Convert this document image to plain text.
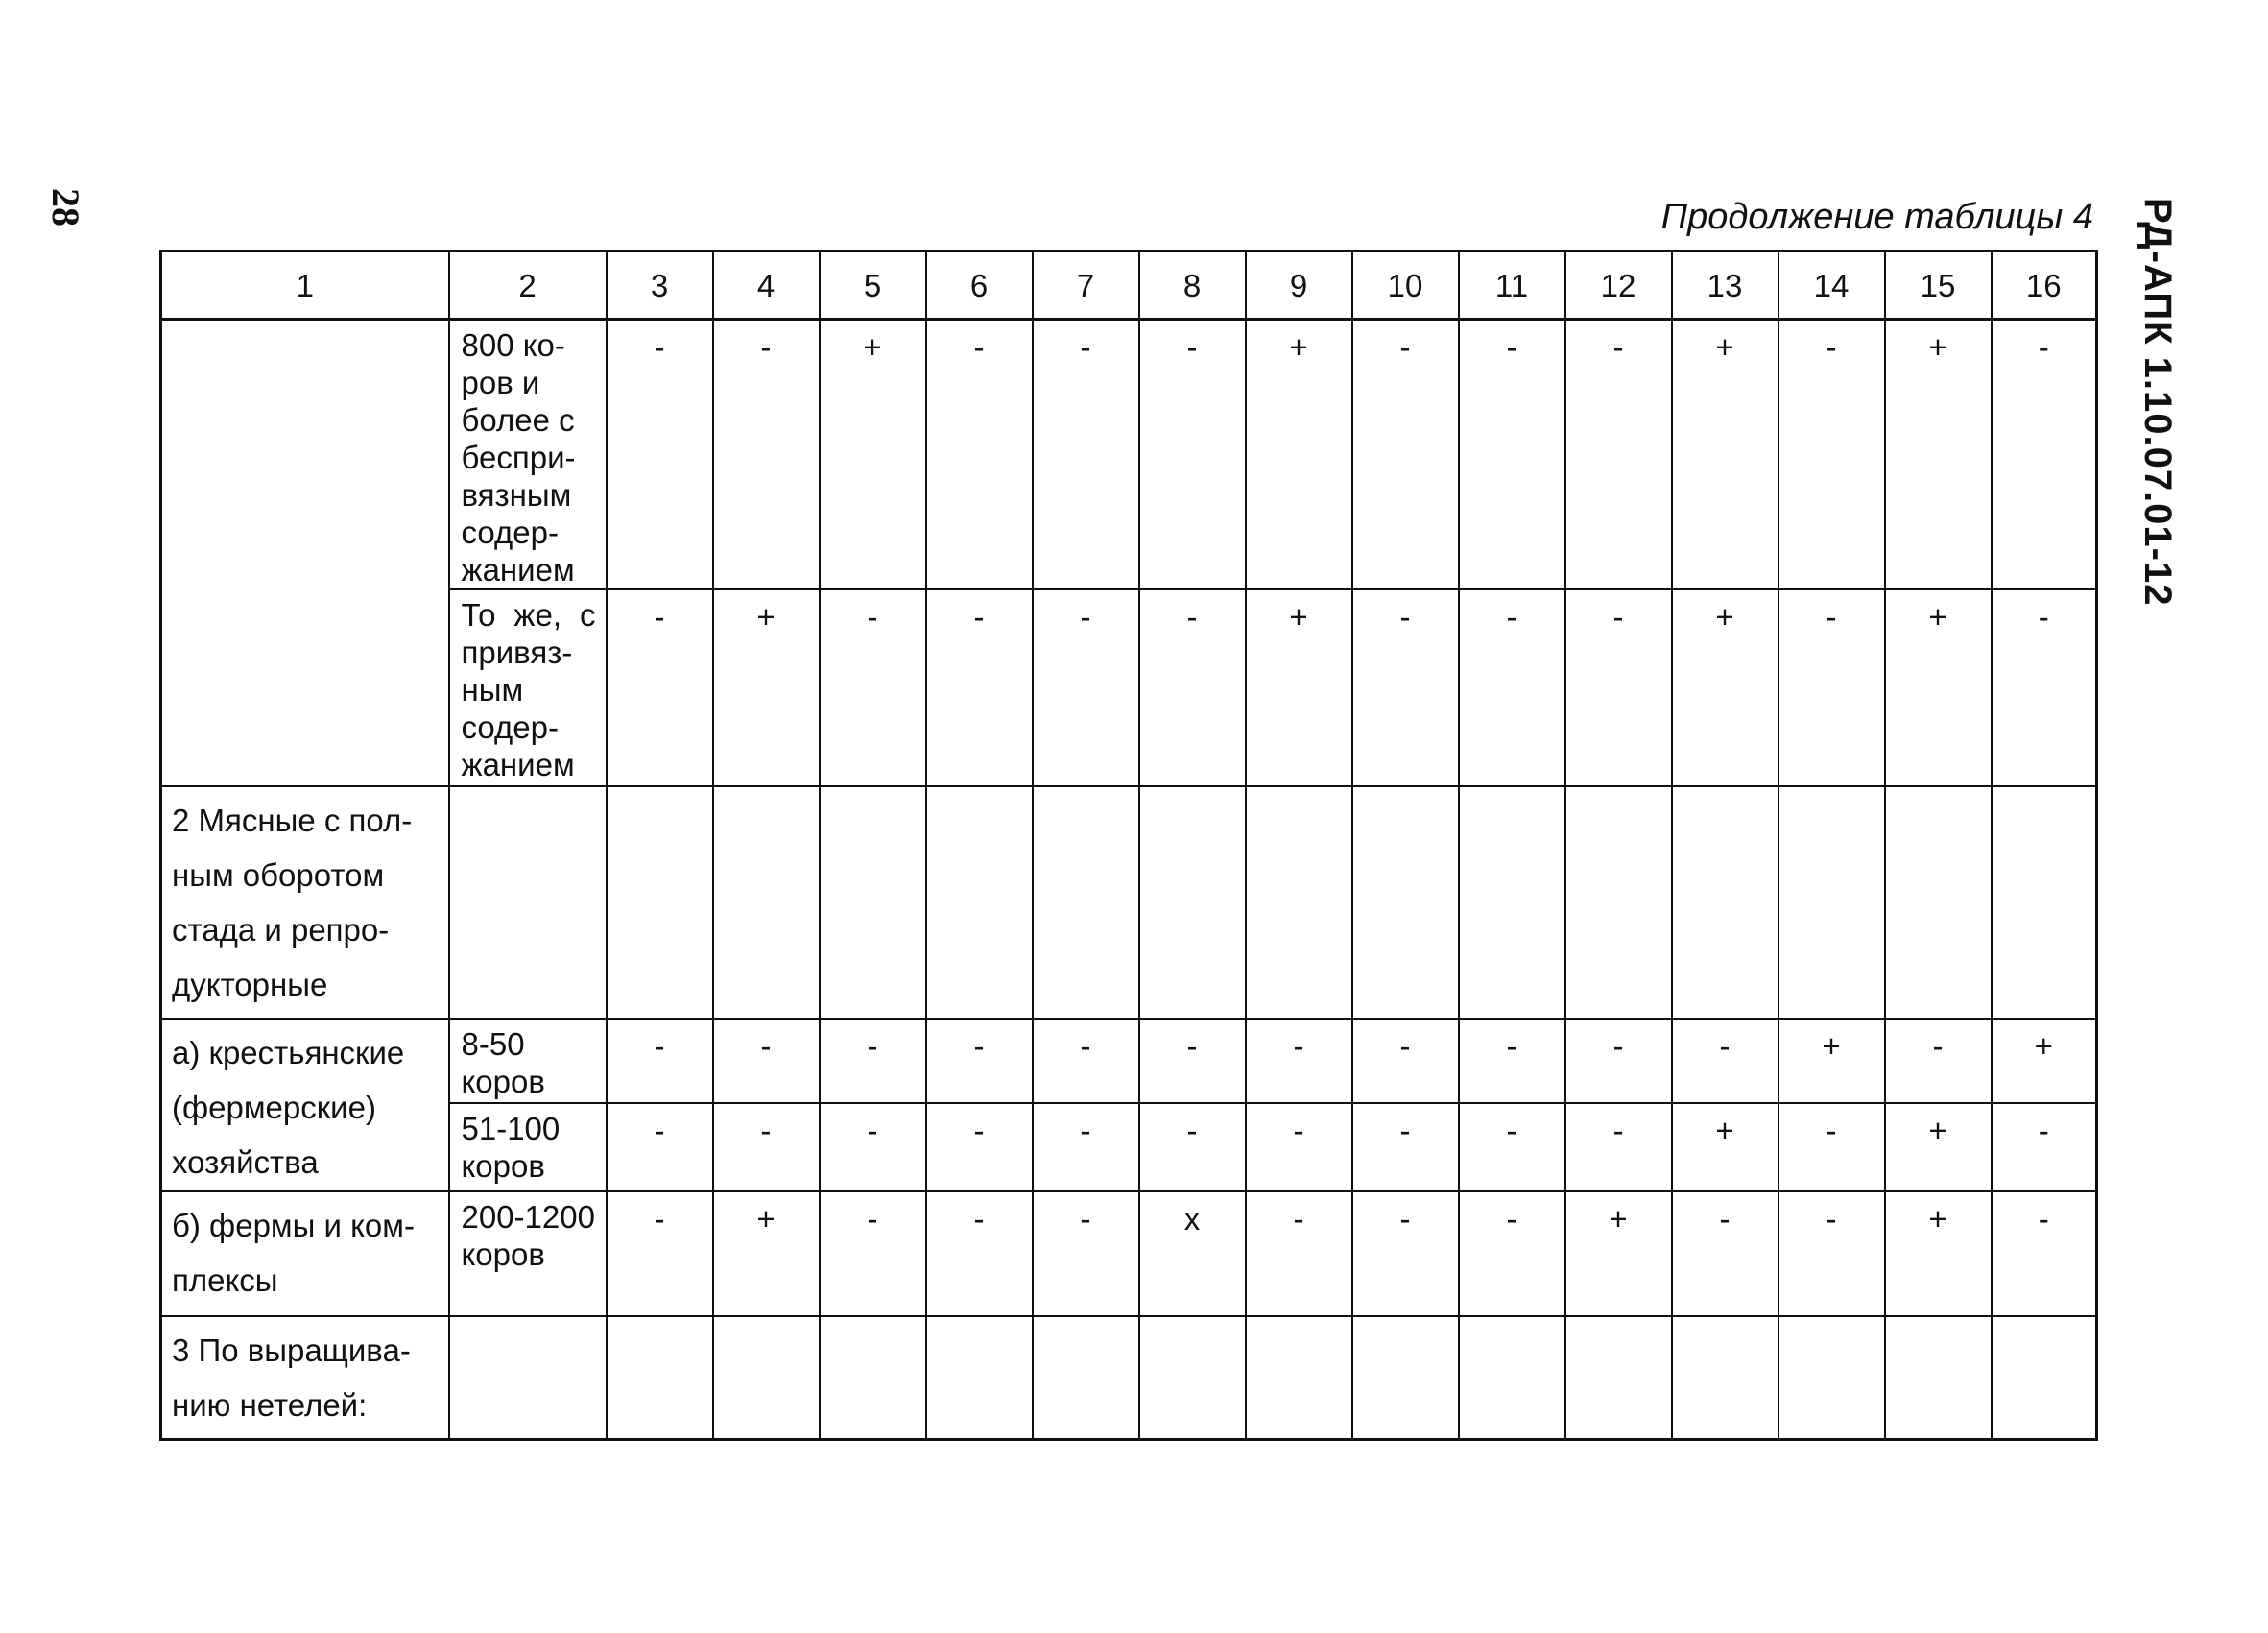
28	РД-АПК 1.10.07.01-12
Продолжение таблицы 4
1	2	3	4	5	6	7	8	9	10	11	12	13	14	15	16
	800 ко-ров и более с беспри-вязным содер-жанием	-	-	+	-	-	-	+	-	-	-	+	-	+	-
	То же, с привяз-ным содер-жанием	-	+	-	-	-	-	+	-	-	-	+	-	+	-
2 Мясные с пол-ным оборотом стада и репро-дукторные															
а) крестьянские (фермерские) хозяйства	8-50 коров	-	-	-	-	-	-	-	-	-	-	-	+	-	+
	51-100 коров	-	-	-	-	-	-	-	-	-	-	+	-	+	-
б) фермы и ком-плексы	200-1200 коров	-	+	-	-	-	х	-	-	-	+	-	-	+	-
3 По выращива-нию нетелей:															
